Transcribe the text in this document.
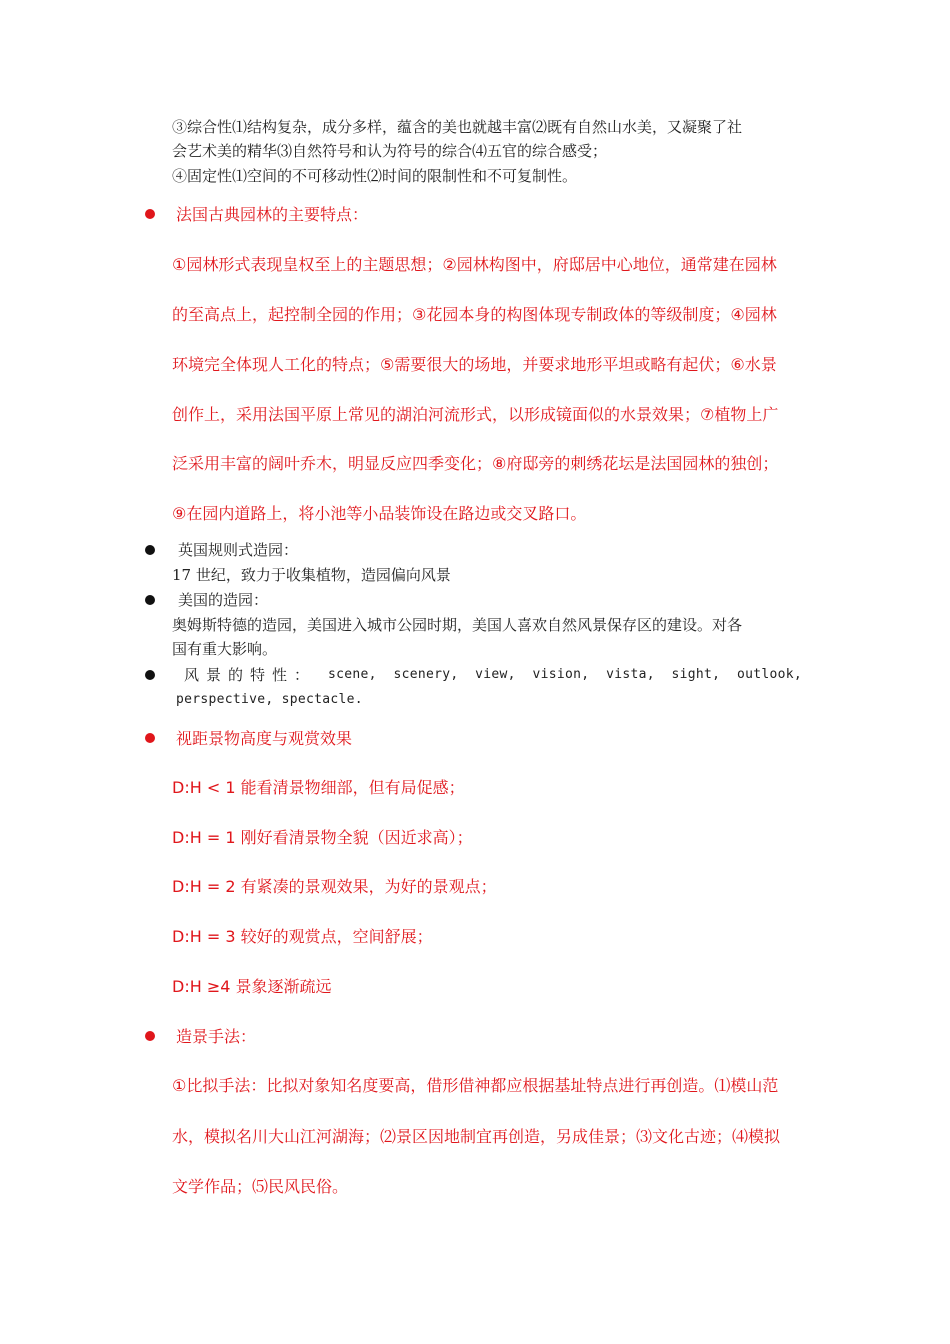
③综合性⑴结构复杂，成分多样，蕴含的美也就越丰富⑵既有自然山水美，又凝聚了社
会艺术美的精华⑶自然符号和认为符号的综合⑷五官的综合感受；
④固定性⑴空间的不可移动性⑵时间的限制性和不可复制性。
法国古典园林的主要特点：
①园林形式表现皇权至上的主题思想；②园林构图中，府邸居中心地位，通常建在园林
的至高点上，起控制全园的作用；③花园本身的构图体现专制政体的等级制度；④园林
环境完全体现人工化的特点；⑤需要很大的场地，并要求地形平坦或略有起伏；⑥水景
创作上，采用法国平原上常见的湖泊河流形式，以形成镜面似的水景效果；⑦植物上广
泛采用丰富的阔叶乔木，明显反应四季变化；⑧府邸旁的刺绣花坛是法国园林的独创；
⑨在园内道路上，将小池等小品装饰设在路边或交叉路口。
英国规则式造园：
17 世纪，致力于收集植物，造园偏向风景
美国的造园：
奥姆斯特德的造园，美国进入城市公园时期，美国人喜欢自然风景保存区的建设。对各
国有重大影响。
风景的特性： scene, scenery, view, vision, vista, sight, outlook,
perspective, spectacle.
视距景物高度与观赏效果
D:H < 1 能看清景物细部，但有局促感；
D:H = 1 刚好看清景物全貌（因近求高）；
D:H = 2 有紧凑的景观效果，为好的景观点；
D:H = 3 较好的观赏点，空间舒展；
D:H ≥4 景象逐渐疏远
造景手法：
①比拟手法：比拟对象知名度要高，借形借神都应根据基址特点进行再创造。⑴模山范
水，模拟名川大山江河湖海；⑵景区因地制宜再创造，另成佳景；⑶文化古迹；⑷模拟
文学作品；⑸民风民俗。
